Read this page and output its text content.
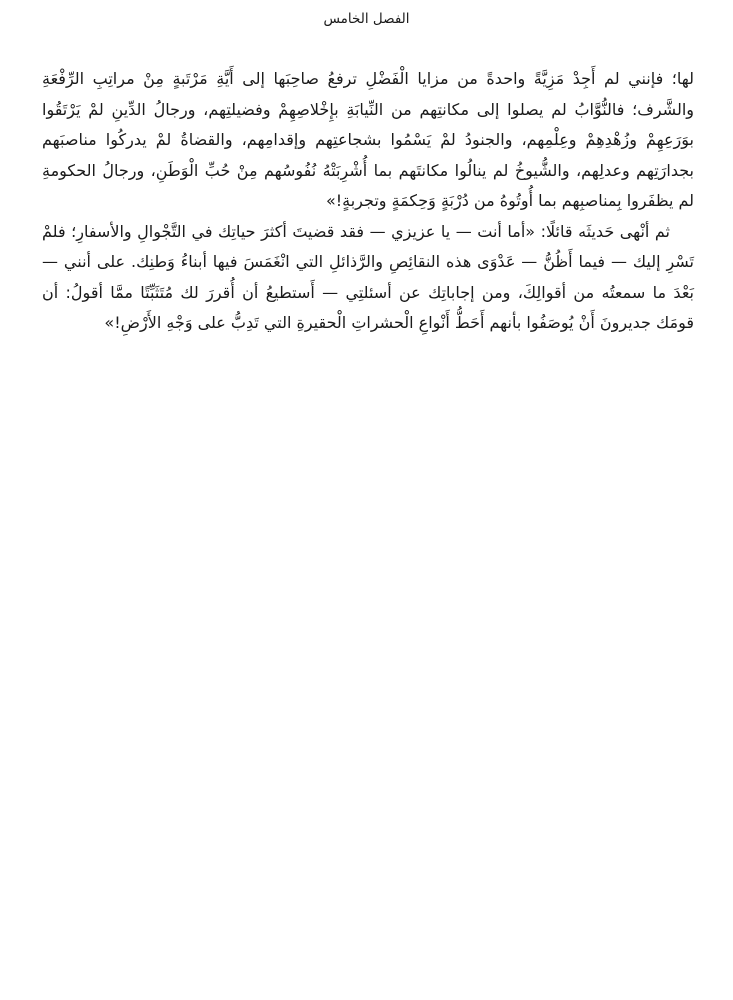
الفصل الخامس

لها؛ فإنني لم أَجِدْ مَزِيَّةً واحدةً من مزايا الْفَضْلِ ترفعُ صاحِبَها إلى أَيَّةِ مَرْتَبةٍ مِنْ مراتِبِ الرِّفْعَةِ والشَّرف؛ فالنُّوَّابُ لم يصلوا إلى مكانتِهم من النِّيابَةِ بإِخْلاصِهِمْ وفضيلتِهم، ورجالُ الدِّينِ لمْ يَرْتَقُوا بوَرَعِهِمْ وزُهْدِهِمْ وعِلْمِهم، والجنودُ لمْ يَسْمُوا بشجاعتِهم وإقدامِهم، والقضاةُ لمْ يدركُوا مناصبَهم بجدارَتِهم وعدلِهم، والشُّيوخُ لم ينالُوا مكانتَهم بما أُشْرِبَتْهُ نُفُوسُهم مِنْ حُبِّ الْوَطَنِ، ورجالُ الحكومةِ لم يظفَروا بِمناصبِهم بما أُوتُوهُ من دُرْبَةٍ وَحِكمَةٍ وتجربةٍ!»

ثم أنْهى حَديثَه قائلًا: «أما أنت — يا عزيزي — فقد قضيتَ أكثرَ حياتِك في التَّجْوالِ والأسفارِ؛ فلمْ تَسْرِ إليك — فيما أَظُنُّ — عَدْوَى هذه النقائِصِ والرَّذائلِ التي انْغَمَسَ فيها أبناءُ وَطنِك. على أنني — بَعْدَ ما سمعتُه من أقوالِكَ، ومن إجاباتِك عن أسئلتِي — أَستطيعُ أن أُقررَ لك مُتَثَبِّتًا ممَّا أقولُ: أن قومَك جديرونَ أَنْ يُوصَفُوا بأنهم أَحَطُّ أَنْواعِ الْحشراتِ الْحقيرةِ التي تَدِبُّ على وَجْهِ الأَرْضِ!»
